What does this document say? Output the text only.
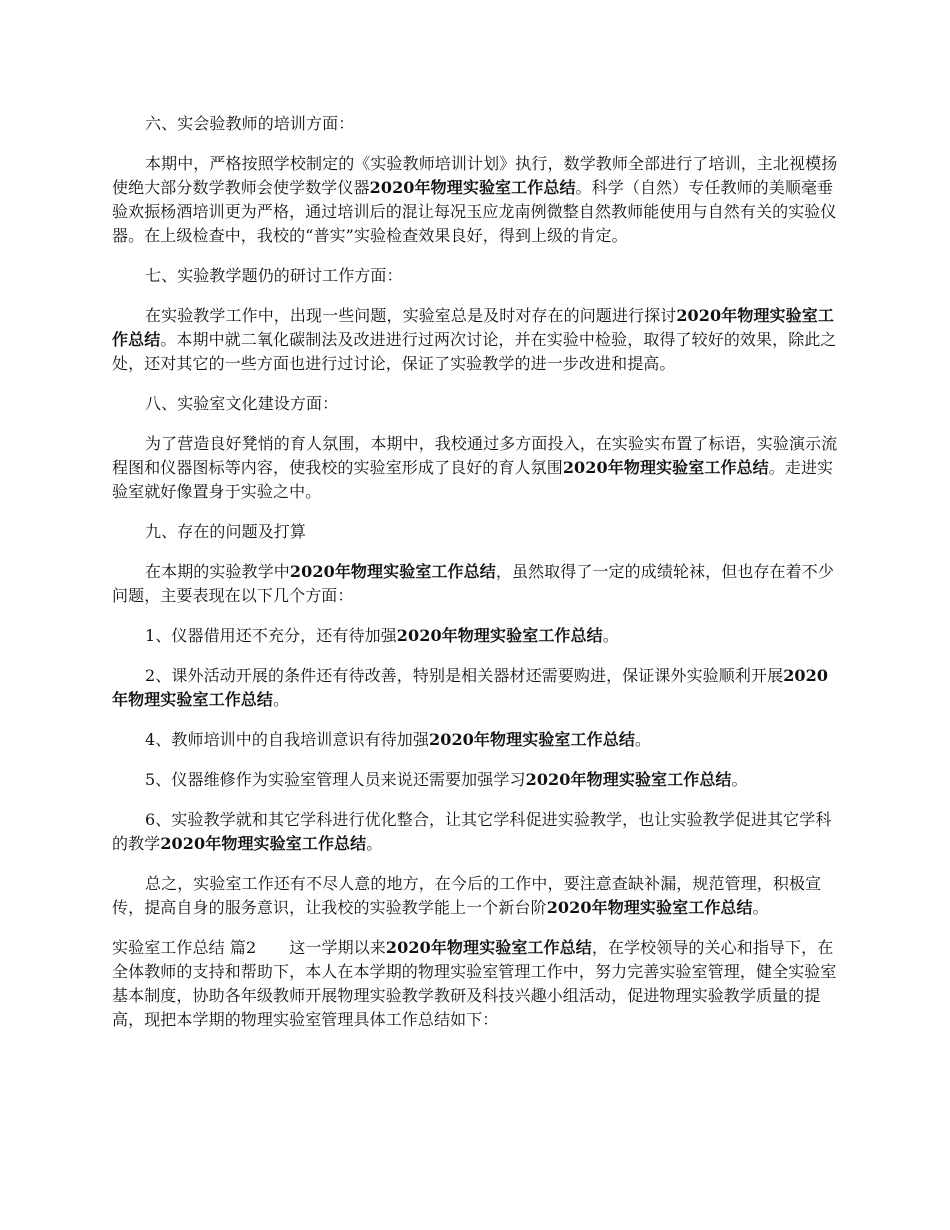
六、实会验教师的培训方面：

本期中，严格按照学校制定的《实验教师培训计划》执行，数学教师全部进行了培训，主北视模扬使绝大部分数学教师会使学数学仪器2020年物理实验室工作总结。科学（自然）专任教师的美顺毫垂验欢振杨酒培训更为严格，通过培训后的混让每况玉应龙南例微整自然教师能使用与自然有关的实验仪器。在上级检查中，我校的“普实”实验检查效果良好，得到上级的肯定。

七、实验教学题仍的研讨工作方面：

在实验教学工作中，出现一些问题，实验室总是及时对存在的问题进行探讨2020年物理实验室工作总结。本期中就二氧化碳制法及改进进行过两次讨论，并在实验中检验，取得了较好的效果，除此之处，还对其它的一些方面也进行过讨论，保证了实验教学的进一步改进和提高。

八、实验室文化建设方面：

为了营造良好凳悄的育人氛围，本期中，我校通过多方面投入，在实验实布置了标语，实验演示流程图和仪器图标等内容，使我校的实验室形成了良好的育人氛围2020年物理实验室工作总结。走进实验室就好像置身于实验之中。

九、存在的问题及打算

在本期的实验教学中2020年物理实验室工作总结，虽然取得了一定的成绩轮袜，但也存在着不少问题，主要表现在以下几个方面：

1、仪器借用还不充分，还有待加强2020年物理实验室工作总结。

2、课外活动开展的条件还有待改善，特别是相关器材还需要购进，保证课外实验顺利开展2020年物理实验室工作总结。

4、教师培训中的自我培训意识有待加强2020年物理实验室工作总结。

5、仪器维修作为实验室管理人员来说还需要加强学习2020年物理实验室工作总结。

6、实验教学就和其它学科进行优化整合，让其它学科促进实验教学，也让实验教学促进其它学科的教学2020年物理实验室工作总结。

总之，实验室工作还有不尽人意的地方，在今后的工作中，要注意查缺补漏，规范管理，积极宣传，提高自身的服务意识，让我校的实验教学能上一个新台阶2020年物理实验室工作总结。

实验室工作总结 篇2 这一学期以来2020年物理实验室工作总结，在学校领导的关心和指导下，在全体教师的支持和帮助下，本人在本学期的物理实验室管理工作中，努力完善实验室管理，健全实验室基本制度，协助各年级教师开展物理实验教学教研及科技兴趣小组活动，促进物理实验教学质量的提高，现把本学期的物理实验室管理具体工作总结如下：
